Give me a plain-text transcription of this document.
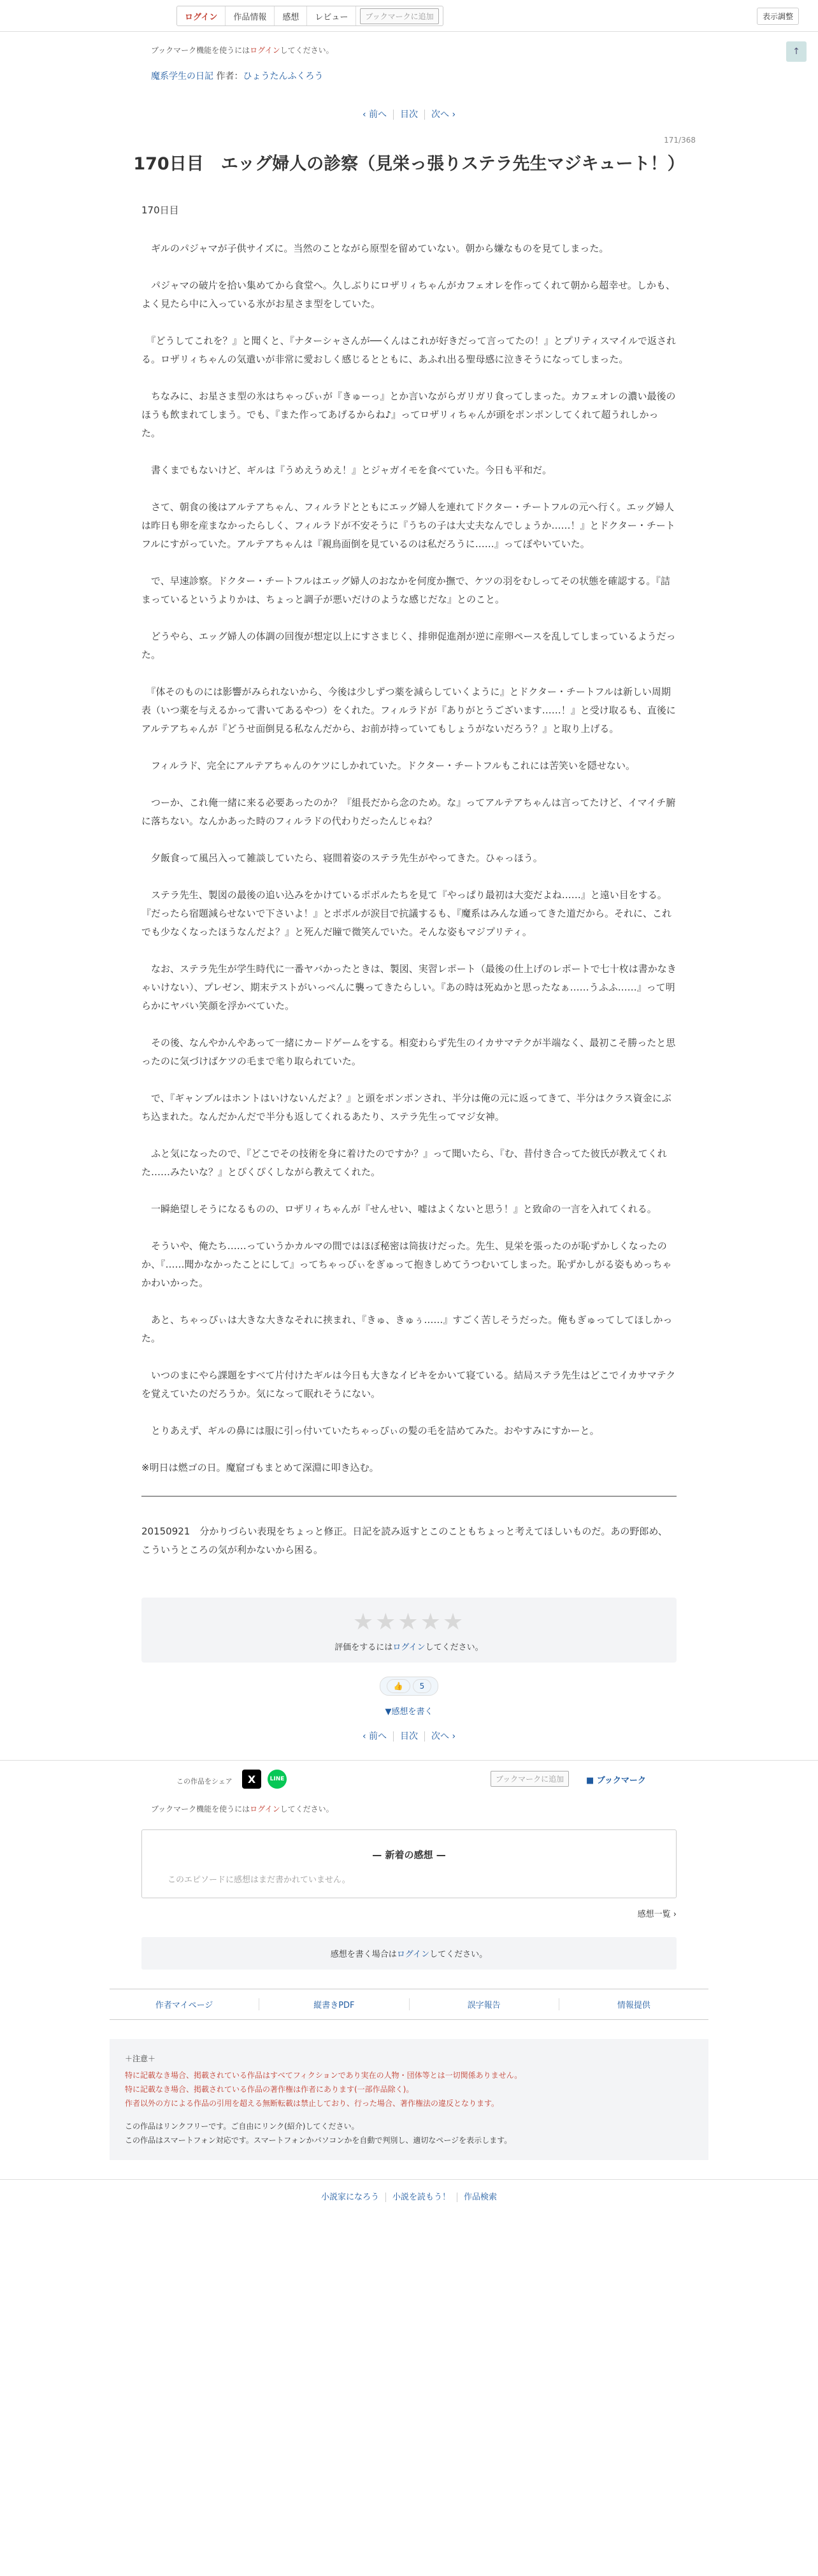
ログイン	作品情報	感想	レビュー	ブックマークに追加	表示調整
↑
ブックマーク機能を使うにはログインしてください。
魔系学生の日記 作者：ひょうたんふくろう
‹ 前へ 目次 次へ ›
171/368
170日目　エッグ婦人の診察（見栄っ張りステラ先生マジキュート！）
170日目

　ギルのパジャマが子供サイズに。当然のことながら原型を留めていない。朝から嫌なものを見てしまった。

　パジャマの破片を拾い集めてから食堂へ。久しぶりにロザリィちゃんがカフェオレを作ってくれて朝から超幸せ。しかも、よく見たら中に入っている氷がお星さま型をしていた。

　『どうしてこれを？』と聞くと、『ナターシャさんが──くんはこれが好きだって言ってたの！』とプリティスマイルで返される。ロザリィちゃんの気遣いが非常に愛おしく感じるとともに、あふれ出る聖母感に泣きそうになってしまった。

　ちなみに、お星さま型の氷はちゃっぴぃが『きゅーっ』とか言いながらガリガリ食ってしまった。カフェオレの濃い最後のほうも飲まれてしまう。でも、『また作ってあげるからね♪』ってロザリィちゃんが頭をポンポンしてくれて超うれしかった。

　書くまでもないけど、ギルは『うめえうめえ！』とジャガイモを食べていた。今日も平和だ。

　さて、朝食の後はアルテアちゃん、フィルラドとともにエッグ婦人を連れてドクター・チートフルの元へ行く。エッグ婦人は昨日も卵を産まなかったらしく、フィルラドが不安そうに『うちの子は大丈夫なんでしょうか……！』とドクター・チートフルにすがっていた。アルテアちゃんは『親鳥面倒を見ているのは私だろうに……』ってぼやいていた。

　で、早速診察。ドクター・チートフルはエッグ婦人のおなかを何度か撫で、ケツの羽をむしってその状態を確認する。『詰まっているというよりかは、ちょっと調子が悪いだけのような感じだな』とのこと。

　どうやら、エッグ婦人の体調の回復が想定以上にすさまじく、排卵促進剤が逆に産卵ペースを乱してしまっているようだった。

　『体そのものには影響がみられないから、今後は少しずつ薬を減らしていくように』とドクター・チートフルは新しい周期表（いつ薬を与えるかって書いてあるやつ）をくれた。フィルラドが『ありがとうございます……！』と受け取るも、直後にアルテアちゃんが『どうせ面倒見る私なんだから、お前が持っていてもしょうがないだろう？』と取り上げる。

　フィルラド、完全にアルテアちゃんのケツにしかれていた。ドクター・チートフルもこれには苦笑いを隠せない。

　つーか、これ俺一緒に来る必要あったのか？『組長だから念のため。な』ってアルテアちゃんは言ってたけど、イマイチ腑に落ちない。なんかあった時のフィルラドの代わりだったんじゃね？

　夕飯食って風呂入って雑談していたら、寝間着姿のステラ先生がやってきた。ひゃっほう。

　ステラ先生、製図の最後の追い込みをかけているポポルたちを見て『やっぱり最初は大変だよね……』と遠い目をする。『だったら宿題減らせないで下さいよ！』とポポルが涙目で抗議するも、『魔系はみんな通ってきた道だから。それに、これでも少なくなったほうなんだよ？』と死んだ瞳で微笑んでいた。そんな姿もマジプリティ。

　なお、ステラ先生が学生時代に一番ヤバかったときは、製図、実習レポート（最後の仕上げのレポートで七十枚は書かなきゃいけない）、プレゼン、期末テストがいっぺんに襲ってきたらしい。『あの時は死ぬかと思ったなぁ……うふふ……』って明らかにヤバい笑顔を浮かべていた。

　その後、なんやかんやあって一緒にカードゲームをする。相変わらず先生のイカサマテクが半端なく、最初こそ勝ったと思ったのに気づけばケツの毛まで毟り取られていた。

　で、『ギャンブルはホントはいけないんだよ？』と頭をポンポンされ、半分は俺の元に返ってきて、半分はクラス資金にぶち込まれた。なんだかんだで半分も返してくれるあたり、ステラ先生ってマジ女神。

　ふと気になったので、『どこでその技術を身に着けたのですか？』って聞いたら、『む、昔付き合ってた彼氏が教えてくれた……みたいな？』とぴくぴくしながら教えてくれた。

　一瞬絶望しそうになるものの、ロザリィちゃんが『せんせい、嘘はよくないと思う！』と致命の一言を入れてくれる。

　そういや、俺たち……っていうかカルマの間ではほぼ秘密は筒抜けだった。先生、見栄を張ったのが恥ずかしくなったのか、『……聞かなかったことにして』ってちゃっぴぃをぎゅって抱きしめてうつむいてしまった。恥ずかしがる姿もめっちゃかわいかった。

　あと、ちゃっぴぃは大きな大きなそれに挟まれ、『きゅ、きゅぅ……』すごく苦しそうだった。俺もぎゅってしてほしかった。

　いつのまにやら課題をすべて片付けたギルは今日も大きなイビキをかいて寝ている。結局ステラ先生はどこでイカサマテクを覚えていたのだろうか。気になって眠れそうにない。

　とりあえず、ギルの鼻には服に引っ付いていたちゃっぴぃの髪の毛を詰めてみた。おやすみにすかーと。

※明日は燃ゴの日。魔窟ゴもまとめて深淵に叩き込む。

20150921　分かりづらい表現をちょっと修正。日記を読み返すとこのこともちょっと考えてほしいものだ。あの野郎め、こういうところの気が利かないから困る。
★★★★★
評価をするにはログインしてください。
👍 5
▼感想を書く
‹ 前へ 目次 次へ ›
この作品をシェア	X	LINE	ブックマークに追加	■ ブックマーク
ブックマーク機能を使うにはログインしてください。
— 新着の感想 —
このエピソードに感想はまだ書かれていません。
感想一覧 ›
感想を書く場合はログインしてください。
作者マイページ	縦書きPDF	誤字報告	情報提供
＋注意＋
特に記載なき場合、掲載されている作品はすべてフィクションであり実在の人物・団体等とは一切関係ありません。
特に記載なき場合、掲載されている作品の著作権は作者にあります(一部作品除く)。
作者以外の方による作品の引用を超える無断転載は禁止しており、行った場合、著作権法の違反となります。
この作品はリンクフリーです。ご自由にリンク(紹介)してください。
この作品はスマートフォン対応です。スマートフォンかパソコンかを自動で判別し、適切なページを表示します。
小説家になろう 小説を読もう！ 作品検索
